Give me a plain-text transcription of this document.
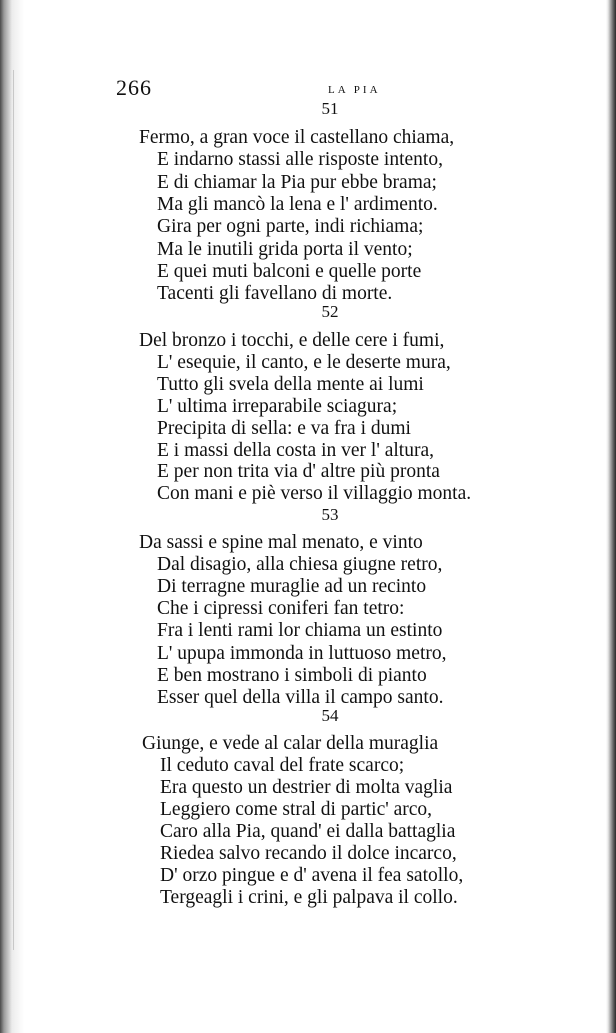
266	LA PIA
51
Fermo, a gran voce il castellano chiama,
E indarno stassi alle risposte intento,
E di chiamar la Pia pur ebbe brama;
Ma gli mancò la lena e l' ardimento.
Gira per ogni parte, indi richiama;
Ma le inutili grida porta il vento;
E quei muti balconi e quelle porte
Tacenti gli favellano di morte.
52
Del bronzo i tocchi, e delle cere i fumi,
L' esequie, il canto, e le deserte mura,
Tutto gli svela della mente ai lumi
L' ultima irreparabile sciagura;
Precipita di sella: e va fra i dumi
E i massi della costa in ver l' altura,
E per non trita via d' altre più pronta
Con mani e piè verso il villaggio monta.
53
Da sassi e spine mal menato, e vinto
Dal disagio, alla chiesa giugne retro,
Di terragne muraglie ad un recinto
Che i cipressi coniferi fan tetro:
Fra i lenti rami lor chiama un estinto
L' upupa immonda in luttuoso metro,
E ben mostrano i simboli di pianto
Esser quel della villa il campo santo.
54
Giunge, e vede al calar della muraglia
Il ceduto caval del frate scarco;
Era questo un destrier di molta vaglia
Leggiero come stral di partic' arco,
Caro alla Pia, quand' ei dalla battaglia
Riedea salvo recando il dolce incarco,
D' orzo pingue e d' avena il fea satollo,
Tergeagli i crini, e gli palpava il collo.
